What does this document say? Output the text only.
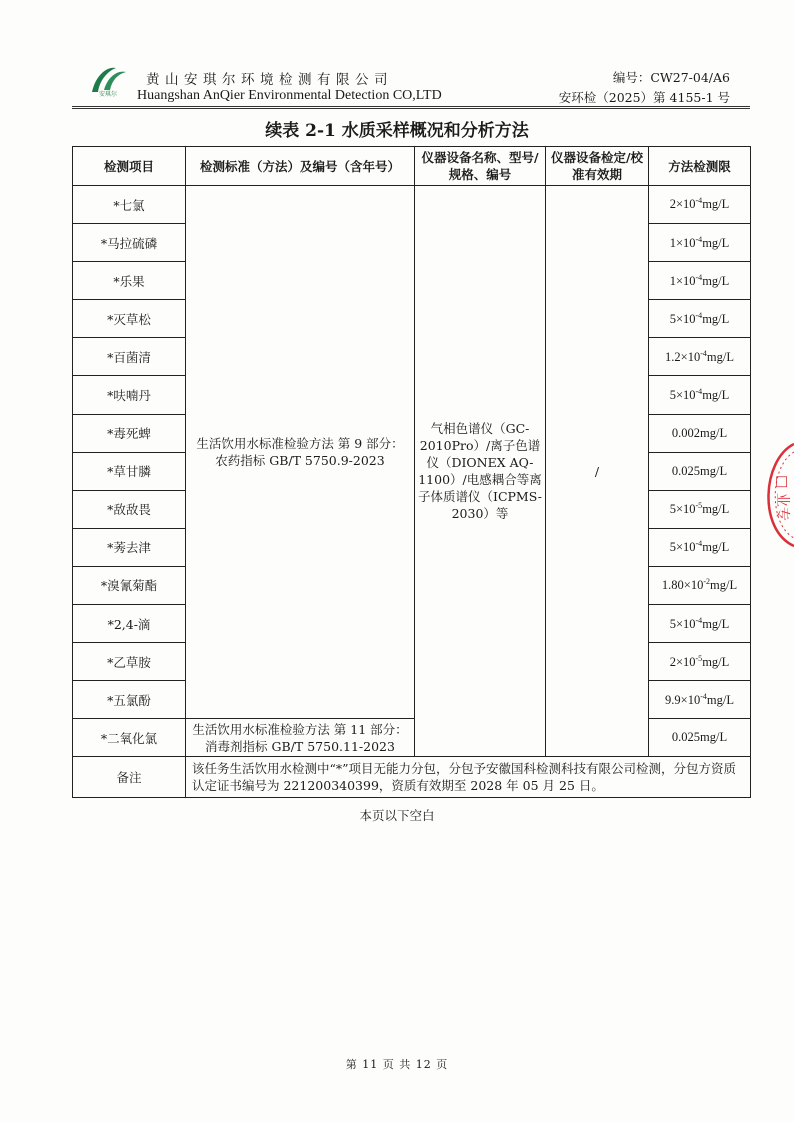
安琪尔
黄山安琪尔环境检测有限公司
Huangshan AnQier Environmental Detection CO,LTD
编号：CW27-04/A6
安环检（2025）第 4155-1 号
续表 2-1 水质采样概况和分析方法
检测项目	检测标准（方法）及编号（含年号）	仪器设备名称、型号/规格、编号	仪器设备检定/校准有效期	方法检测限
*七氯	生活饮用水标准检验方法 第 9 部分：农药指标 GB/T 5750.9-2023	气相色谱仪（GC-2010Pro）/离子色谱仪（DIONEX AQ-1100）/电感耦合等离子体质谱仪（ICPMS-2030）等	/	$2\times 10^{-4}mg/L$
*马拉硫磷				$1\times 10^{-4}mg/L$
*乐果				$1\times 10^{-4}mg/L$
*灭草松				$5\times 10^{-4}mg/L$
*百菌清				$1.2\times 10^{-4}mg/L$
*呋喃丹				$5\times 10^{-4}mg/L$
*毒死蜱				0.002mg/L
*草甘膦				0.025mg/L
*敌敌畏				$5\times 10^{-5}mg/L$
*莠去津				$5\times 10^{-4}mg/L$
*溴氰菊酯				$1.80\times 10^{-2}mg/L$
*2,4-滴				$5\times 10^{-4}mg/L$
*乙草胺				$2\times 10^{-5}mg/L$
*五氯酚				$9.9\times 10^{-4}mg/L$
*二氧化氯	生活饮用水标准检验方法 第 11 部分：消毒剂指标 GB/T 5750.11-2023			0.025mg/L
备注	该任务生活饮用水检测中“*”项目无能力分包，分包予安徽国科检测科技有限公司检测，分包方资质认定证书编号为 221200340399，资质有效期至 2028 年 05 月 25 日。			
本页以下空白
第 11 页 共 12 页
□ 业专
